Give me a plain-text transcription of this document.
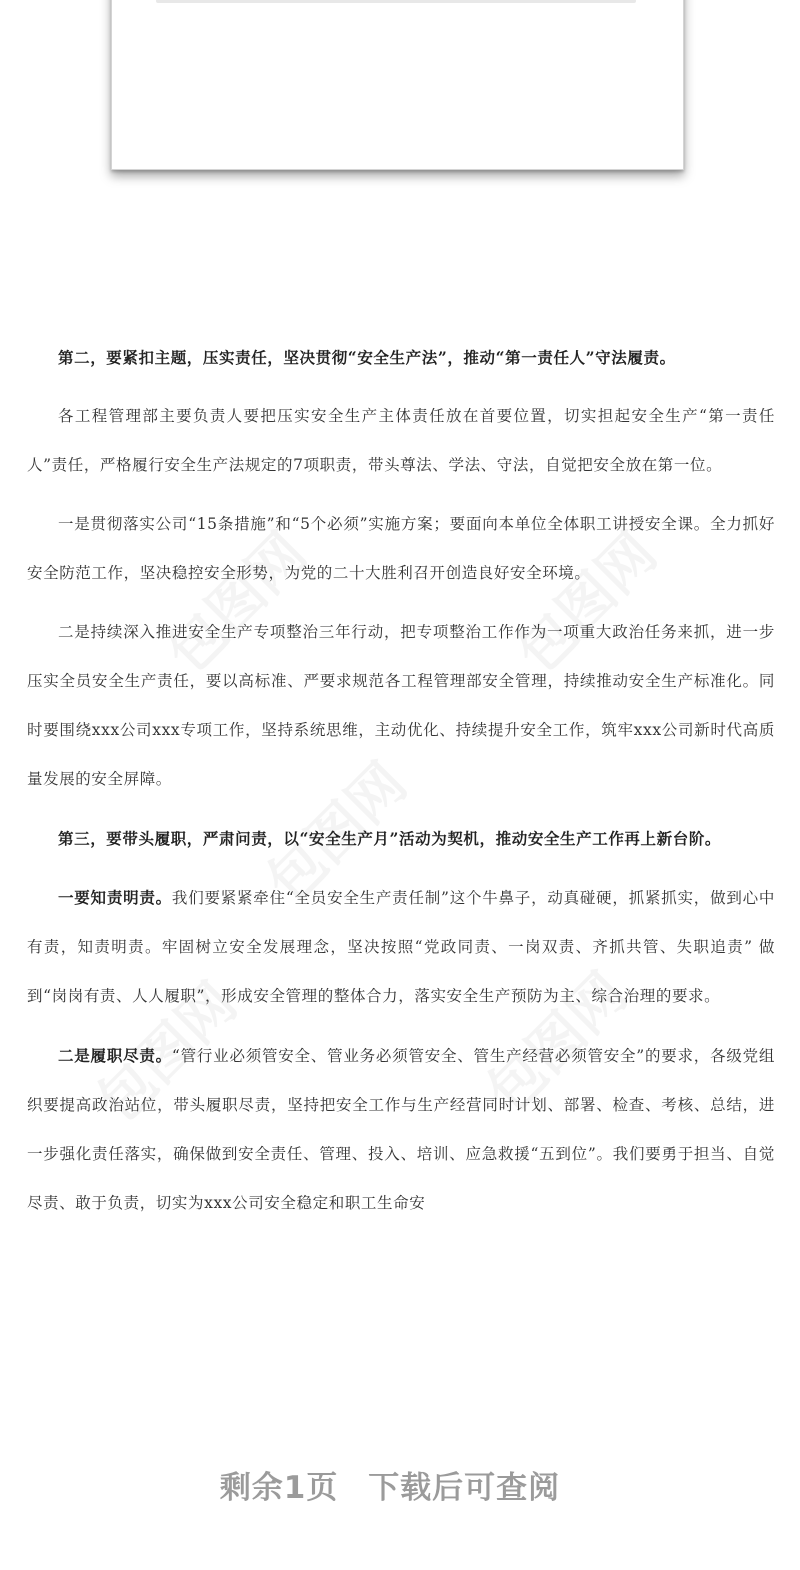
第二，要紧扣主题，压实责任，坚决贯彻“安全生产法”，推动“第一责任人”守法履责。

各工程管理部主要负责人要把压实安全生产主体责任放在首要位置，切实担起安全生产“第一责任人”责任，严格履行安全生产法规定的7项职责，带头尊法、学法、守法，自觉把安全放在第一位。

一是贯彻落实公司“15条措施”和“5个必须”实施方案；要面向本单位全体职工讲授安全课。全力抓好安全防范工作，坚决稳控安全形势，为党的二十大胜利召开创造良好安全环境。

二是持续深入推进安全生产专项整治三年行动，把专项整治工作作为一项重大政治任务来抓，进一步压实全员安全生产责任，要以高标准、严要求规范各工程管理部安全管理，持续推动安全生产标准化。同时要围绕xxx公司xxx专项工作，坚持系统思维，主动优化、持续提升安全工作，筑牢xxx公司新时代高质量发展的安全屏障。

第三，要带头履职，严肃问责，以“安全生产月”活动为契机，推动安全生产工作再上新台阶。

一要知责明责。我们要紧紧牵住“全员安全生产责任制”这个牛鼻子，动真碰硬，抓紧抓实，做到心中有责，知责明责。牢固树立安全发展理念，坚决按照“党政同责、一岗双责、齐抓共管、失职追责” 做到“岗岗有责、人人履职”，形成安全管理的整体合力，落实安全生产预防为主、综合治理的要求。

二是履职尽责。“管行业必须管安全、管业务必须管安全、管生产经营必须管安全”的要求，各级党组织要提高政治站位，带头履职尽责，坚持把安全工作与生产经营同时计划、部署、检查、考核、总结，进一步强化责任落实，确保做到安全责任、管理、投入、培训、应急救援“五到位”。我们要勇于担当、自觉尽责、敢于负责，切实为xxx公司安全稳定和职工生命安

剩余1页 下载后可查阅
